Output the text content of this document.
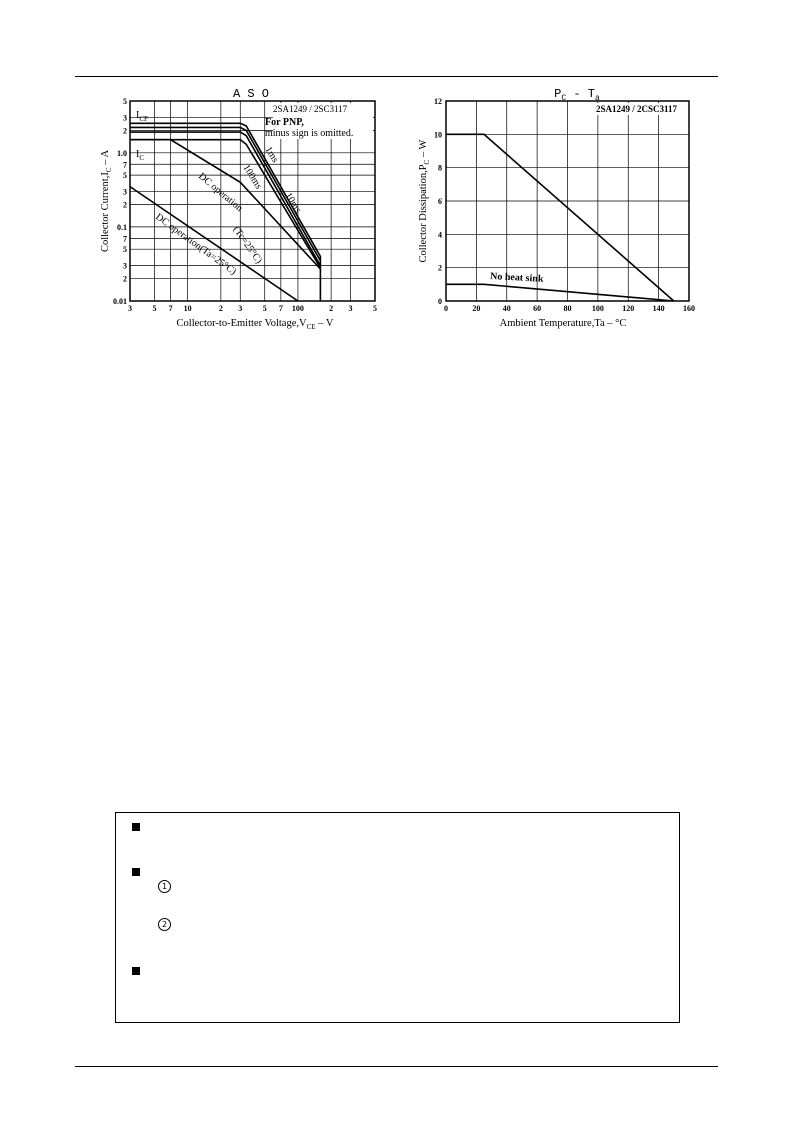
A S O
3	5 7 10	2 3	5 7 100	2 3	5
5
3
2
1.0
7
5
3
2
0.1
7
5
3
2
0.01
2SA1249 / 2SC3117
For PNP,
minus sign is omitted.
$I_{CP}$
$I_C$	1ms
10ms
100ms
DC operation
(Tc=25°C)
DC operation(Ta=25°C)
Collector $Current,I_C$ – A
Collector-to-Emitter $Voltage,V_{CE}$ – V
$P_C - T_a$
0	20	40	60	80	100 120 140 160
12
10
8
6
4
2
0
2SA1249 / 2CSC3117
No heat sink
Collector $Dissipation,P_C$ – W
Ambient Temperature,Ta – °C
1
2
